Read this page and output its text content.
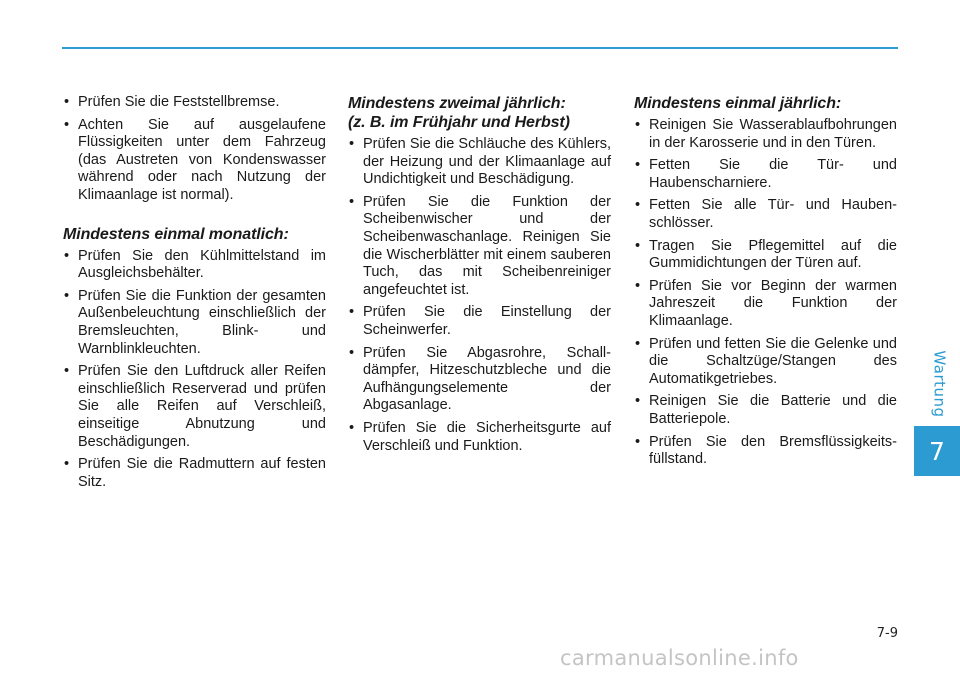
• Prüfen Sie die Feststellbremse.
• Achten Sie auf ausgelaufene Flüssigkeiten unter dem Fahrzeug (das Austreten von Kondenswasser während oder nach Nutzung der Klimaanlage ist normal).
Mindestens einmal monatlich:
• Prüfen Sie den Kühlmittelstand im Ausgleichsbehälter.
• Prüfen Sie die Funktion der gesamten Außenbeleuchtung einschließlich der Bremsleuchten, Blink- und Warnblinkleuchten.
• Prüfen Sie den Luftdruck aller Reifen einschließlich Reserverad und prüfen Sie alle Reifen auf Verschleiß, einseitige Abnutzung und Beschädigungen.
• Prüfen Sie die Radmuttern auf festen Sitz.
Mindestens zweimal jährlich:
(z. B. im Frühjahr und Herbst)
• Prüfen Sie die Schläuche des Kühlers, der Heizung und der Klimaanlage auf Undichtigkeit und Beschädigung.
• Prüfen Sie die Funktion der Scheibenwischer und der Scheibenwaschanlage. Reinigen Sie die Wischerblätter mit einem sauberen Tuch, das mit Scheibenreiniger angefeuchtet ist.
• Prüfen Sie die Einstellung der Scheinwerfer.
• Prüfen Sie Abgasrohre, Schalldämpfer, Hitzeschutzbleche und die Aufhängungselemente der Abgasanlage.
• Prüfen Sie die Sicherheitsgurte auf Verschleiß und Funktion.
Mindestens einmal jährlich:
• Reinigen Sie Wasserablaufbohrungen in der Karosserie und in den Türen.
• Fetten Sie die Tür- und Haubenscharniere.
• Fetten Sie alle Tür- und Haubenschlösser.
• Tragen Sie Pflegemittel auf die Gummidichtungen der Türen auf.
• Prüfen Sie vor Beginn der warmen Jahreszeit die Funktion der Klimaanlage.
• Prüfen und fetten Sie die Gelenke und die Schaltzüge/Stangen des Automatikgetriebes.
• Reinigen Sie die Batterie und die Batteriepole.
• Prüfen Sie den Bremsflüssigkeitsfüllstand.
Wartung
7
7-9
carmanualsonline.info
